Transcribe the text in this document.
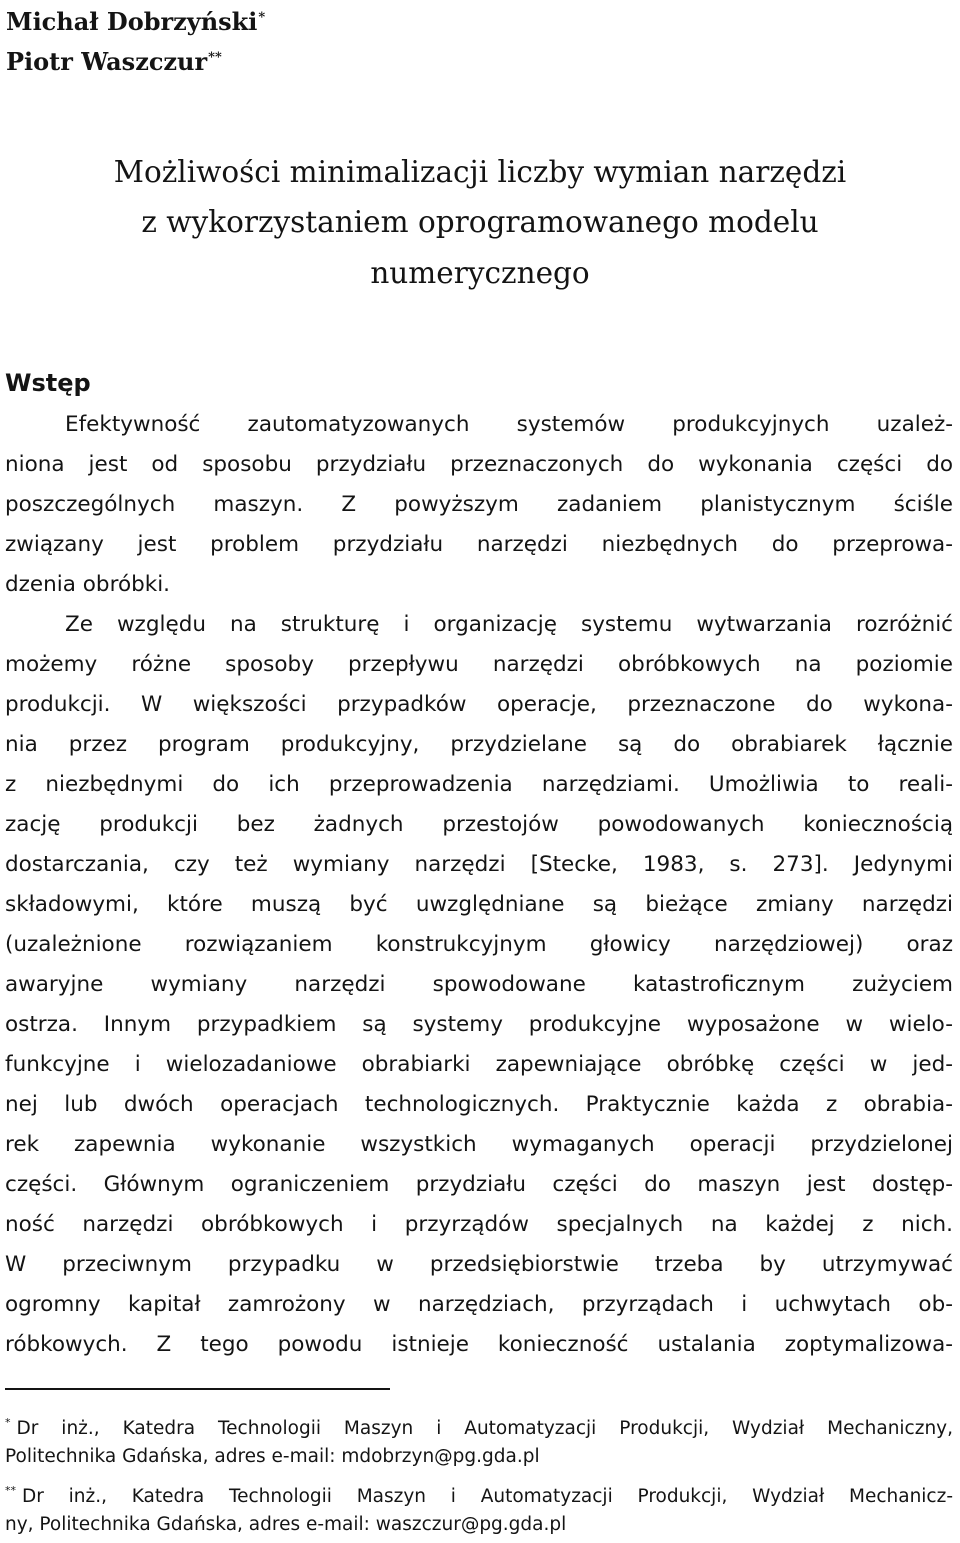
Michał Dobrzyński*
Piotr Waszczur**
Możliwości minimalizacji liczby wymian narzędzi
z wykorzystaniem oprogramowanego modelu
numerycznego
Wstęp
Efektywność zautomatyzowanych systemów produkcyjnych uzależ-
niona jest od sposobu przydziału przeznaczonych do wykonania części do
poszczególnych maszyn. Z powyższym zadaniem planistycznym ściśle
związany jest problem przydziału narzędzi niezbędnych do przeprowa-
dzenia obróbki.
Ze względu na strukturę i organizację systemu wytwarzania rozróżnić
możemy różne sposoby przepływu narzędzi obróbkowych na poziomie
produkcji. W większości przypadków operacje, przeznaczone do wykona-
nia przez program produkcyjny, przydzielane są do obrabiarek łącznie
z niezbędnymi do ich przeprowadzenia narzędziami. Umożliwia to reali-
zację produkcji bez żadnych przestojów powodowanych koniecznością
dostarczania, czy też wymiany narzędzi [Stecke, 1983, s. 273]. Jedynymi
składowymi, które muszą być uwzględniane są bieżące zmiany narzędzi
(uzależnione rozwiązaniem konstrukcyjnym głowicy narzędziowej) oraz
awaryjne wymiany narzędzi spowodowane katastroficznym zużyciem
ostrza. Innym przypadkiem są systemy produkcyjne wyposażone w wielo-
funkcyjne i wielozadaniowe obrabiarki zapewniające obróbkę części w jed-
nej lub dwóch operacjach technologicznych. Praktycznie każda z obrabia-
rek zapewnia wykonanie wszystkich wymaganych operacji przydzielonej
części. Głównym ograniczeniem przydziału części do maszyn jest dostęp-
ność narzędzi obróbkowych i przyrządów specjalnych na każdej z nich.
W przeciwnym przypadku w przedsiębiorstwie trzeba by utrzymywać
ogromny kapitał zamrożony w narzędziach, przyrządach i uchwytach ob-
róbkowych. Z tego powodu istnieje konieczność ustalania zoptymalizowa-
* Dr inż., Katedra Technologii Maszyn i Automatyzacji Produkcji, Wydział Mechaniczny,
Politechnika Gdańska, adres e-mail: mdobrzyn@pg.gda.pl
** Dr inż., Katedra Technologii Maszyn i Automatyzacji Produkcji, Wydział Mechanicz-
ny, Politechnika Gdańska, adres e-mail: waszczur@pg.gda.pl
